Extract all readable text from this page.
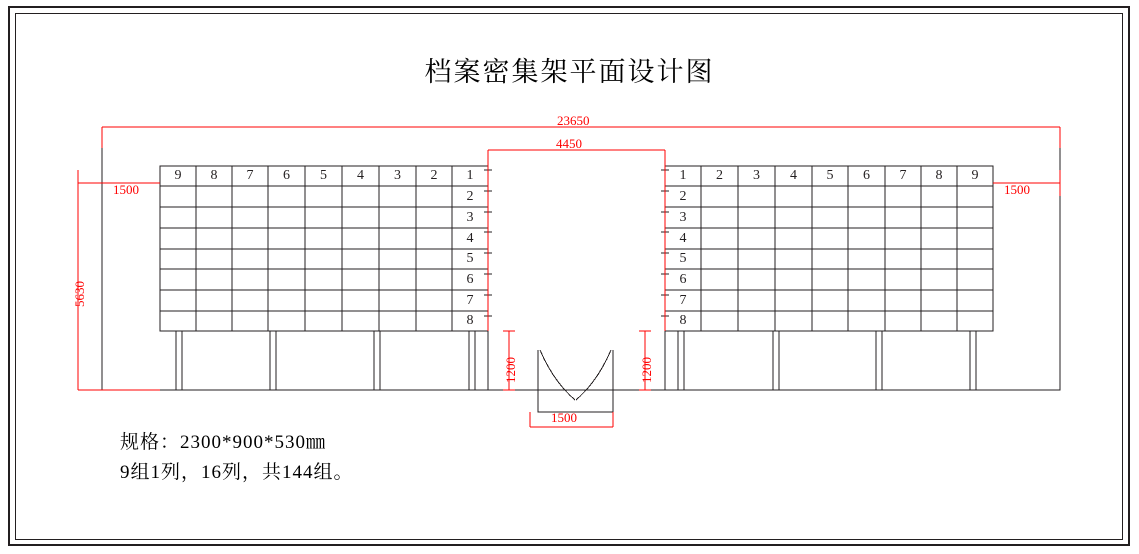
档案密集架平面设计图
23650
4450
1500	1500
5630
1200	1200
1500
9	8	7	6	5	4	3	2	1
2
3
4
5
6
7
8
1	2	3	4	5	6	7	8	9
2
3
4
5
6
7
8
规格：2300*900*530㎜
9组1列，16列，共144组。
